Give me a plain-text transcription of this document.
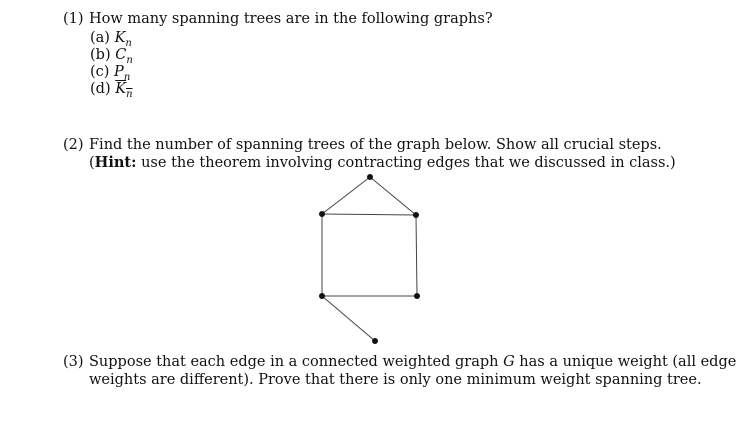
(1) How many spanning trees are in the following graphs?
(a) $K_n$
(b) $C_n$
(c) $P_n$
(d) $K_n$
(2) Find the number of spanning trees of the graph below. Show all crucial steps.
(Hint: use the theorem involving contracting edges that we discussed in class.)
(3) Suppose that each edge in a connected weighted graph G has a unique weight (all edge
weights are different). Prove that there is only one minimum weight spanning tree.
